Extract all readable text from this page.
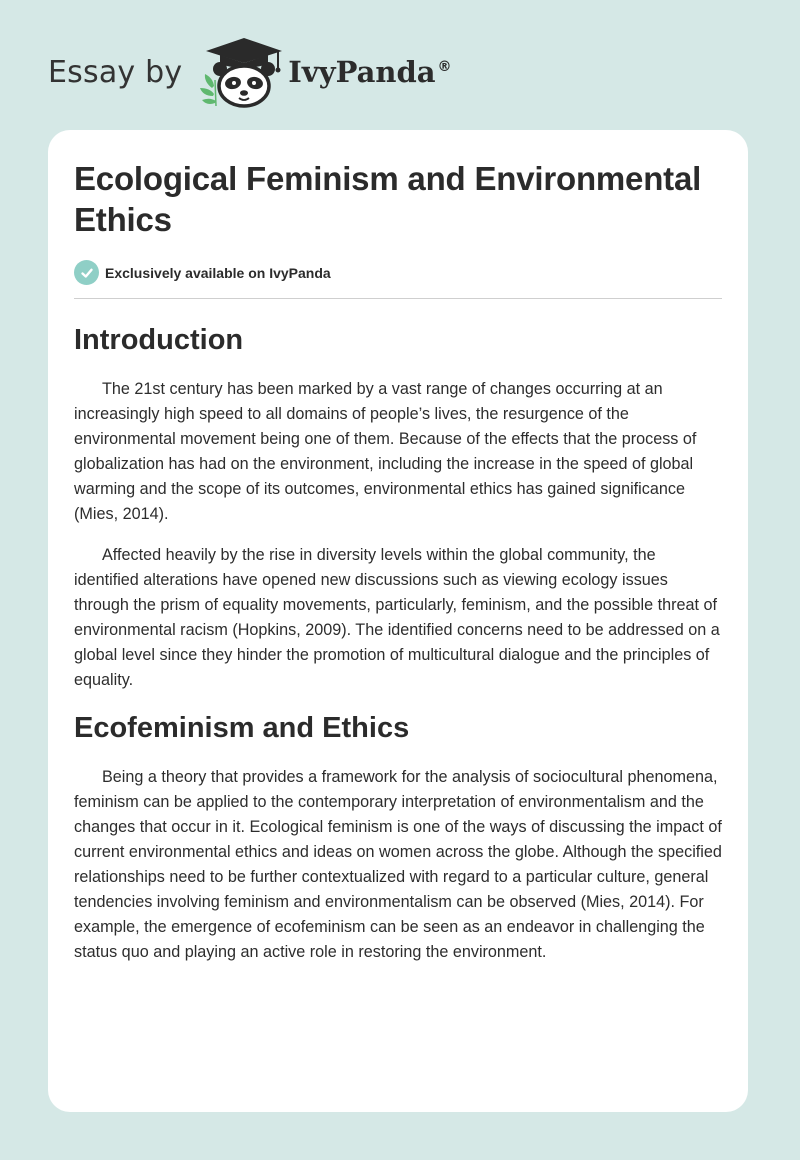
Essay by	IvyPanda ®
Ecological Feminism and Environmental Ethics
Exclusively available on IvyPanda
Introduction

The 21st century has been marked by a vast range of changes occurring at an increasingly high speed to all domains of people’s lives, the resurgence of the environmental movement being one of them. Because of the effects that the process of globalization has had on the environment, including the increase in the speed of global warming and the scope of its outcomes, environmental ethics has gained significance (Mies, 2014).

Affected heavily by the rise in diversity levels within the global community, the identified alterations have opened new discussions such as viewing ecology issues through the prism of equality movements, particularly, feminism, and the possible threat of environmental racism (Hopkins, 2009). The identified concerns need to be addressed on a global level since they hinder the promotion of multicultural dialogue and the principles of equality.

Ecofeminism and Ethics

Being a theory that provides a framework for the analysis of sociocultural phenomena, feminism can be applied to the contemporary interpretation of environmentalism and the changes that occur in it. Ecological feminism is one of the ways of discussing the impact of current environmental ethics and ideas on women across the globe. Although the specified relationships need to be further contextualized with regard to a particular culture, general tendencies involving feminism and environmentalism can be observed (Mies, 2014). For example, the emergence of ecofeminism can be seen as an endeavor in challenging the status quo and playing an active role in restoring the environment.
